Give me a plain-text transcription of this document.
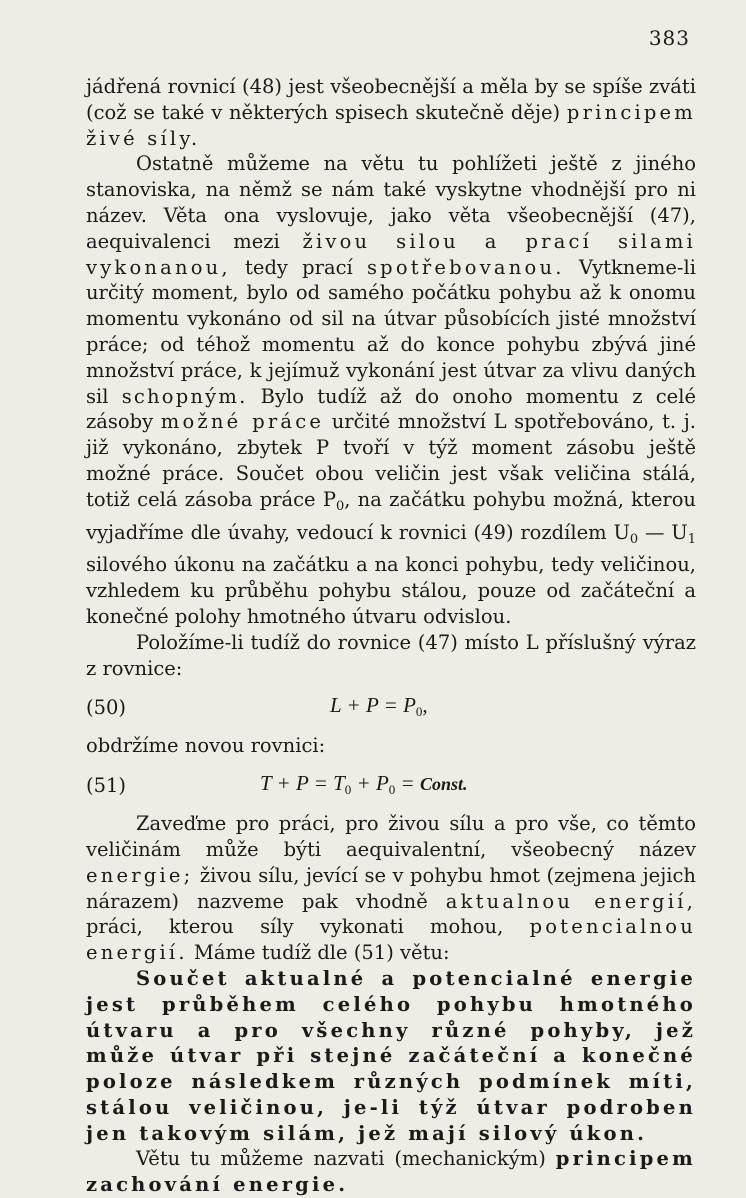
383

jádřená rovnicí (48) jest všeobecnější a měla by se spíše zváti (což se také v některých spisech skutečně děje) principem živé síly.

Ostatně můžeme na větu tu pohlížeti ještě z jiného stanoviska, na němž se nám také vyskytne vhodnější pro ni název. Věta ona vyslovuje, jako věta všeobecnější (47), aequivalenci mezi živou silou a prací silami vykonanou, tedy prací spotřebovanou. Vytkneme-li určitý moment, bylo od samého počátku pohybu až k onomu momentu vykonáno od sil na útvar působících jisté množství práce; od téhož momentu až do konce pohybu zbývá jiné množství práce, k jejímuž vykonání jest útvar za vlivu daných sil schopným. Bylo tudíž až do onoho momentu z celé zásoby možné práce určité množství L spotřebováno, t. j. již vykonáno, zbytek P tvoří v týž moment zásobu ještě možné práce. Součet obou veličin jest však veličina stálá, totiž celá zásoba práce $P_0$, na začátku pohybu možná, kterou vyjadříme dle úvahy, vedoucí k rovnici (49) rozdílem $U_0$ — $U_1$ silového úkonu na začátku a na konci pohybu, tedy veličinou, vzhledem ku průběhu pohybu stálou, pouze od začáteční a konečné polohy hmotného útvaru odvislou.

Položíme-li tudíž do rovnice (47) místo L příslušný výraz z rovnice:

(50)	$L + P = P_0$,

obdržíme novou rovnici:

(51)	$T + P = T_0 + P_0$ = Const.

Zaveďme pro práci, pro živou sílu a pro vše, co těmto veličinám může býti aequivalentní, všeobecný název energie; živou sílu, jevící se v pohybu hmot (zejmena jejich nárazem) nazveme pak vhodně aktualnou energií, práci, kterou síly vykonati mohou, potencialnou energií. Máme tudíž dle (51) větu:

Součet aktualné a potencialné energie jest průběhem celého pohybu hmotného útvaru a pro všechny různé pohyby, jež může útvar při stejné začáteční a konečné poloze následkem různých podmínek míti, stálou veličinou, je-li týž útvar podroben jen takovým silám, jež mají silový úkon.

Větu tu můžeme nazvati (mechanickým) principem zachování energie.
